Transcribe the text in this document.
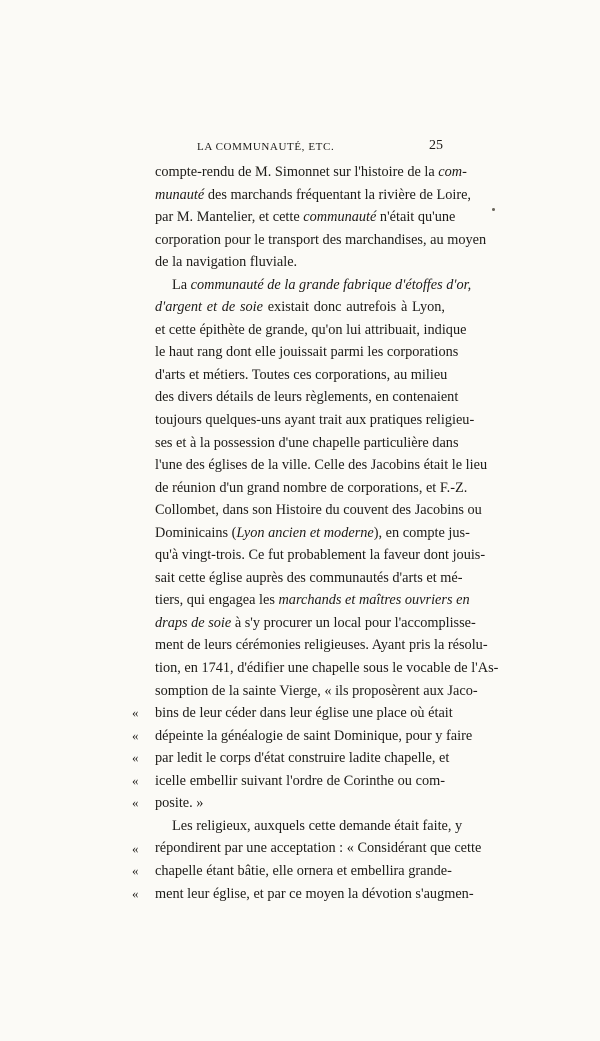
LA COMMUNAUTÉ, ETC.	25
compte-rendu de M. Simonnet sur l'histoire de la com-
munauté des marchands fréquentant la rivière de Loire,
par M. Mantelier, et cette communauté n'était qu'une
corporation pour le transport des marchandises, au moyen
de la navigation fluviale.
La communauté de la grande fabrique d'étoffes d'or,
d'argent et de soie existait donc autrefois à Lyon,
et cette épithète de grande, qu'on lui attribuait, indique
le haut rang dont elle jouissait parmi les corporations
d'arts et métiers. Toutes ces corporations, au milieu
des divers détails de leurs règlements, en contenaient
toujours quelques-uns ayant trait aux pratiques religieu-
ses et à la possession d'une chapelle particulière dans
l'une des églises de la ville. Celle des Jacobins était le lieu
de réunion d'un grand nombre de corporations, et F.-Z.
Collombet, dans son Histoire du couvent des Jacobins ou
Dominicains (Lyon ancien et moderne), en compte jus-
qu'à vingt-trois. Ce fut probablement la faveur dont jouis-
sait cette église auprès des communautés d'arts et mé-
tiers, qui engagea les marchands et maîtres ouvriers en
draps de soie à s'y procurer un local pour l'accomplisse-
ment de leurs cérémonies religieuses. Ayant pris la résolu-
tion, en 1741, d'édifier une chapelle sous le vocable de l'As-
somption de la sainte Vierge, « ils proposèrent aux Jaco-
bins de leur céder dans leur église une place où était
dépeinte la généalogie de saint Dominique, pour y faire
par ledit le corps d'état construire ladite chapelle, et
icelle embellir suivant l'ordre de Corinthe ou com-
posite. »
Les religieux, auxquels cette demande était faite, y
répondirent par une acceptation : « Considérant que cette
chapelle étant bâtie, elle ornera et embellira grande-
ment leur église, et par ce moyen la dévotion s'augmen-
«
«
«
«
«
«
«
«
